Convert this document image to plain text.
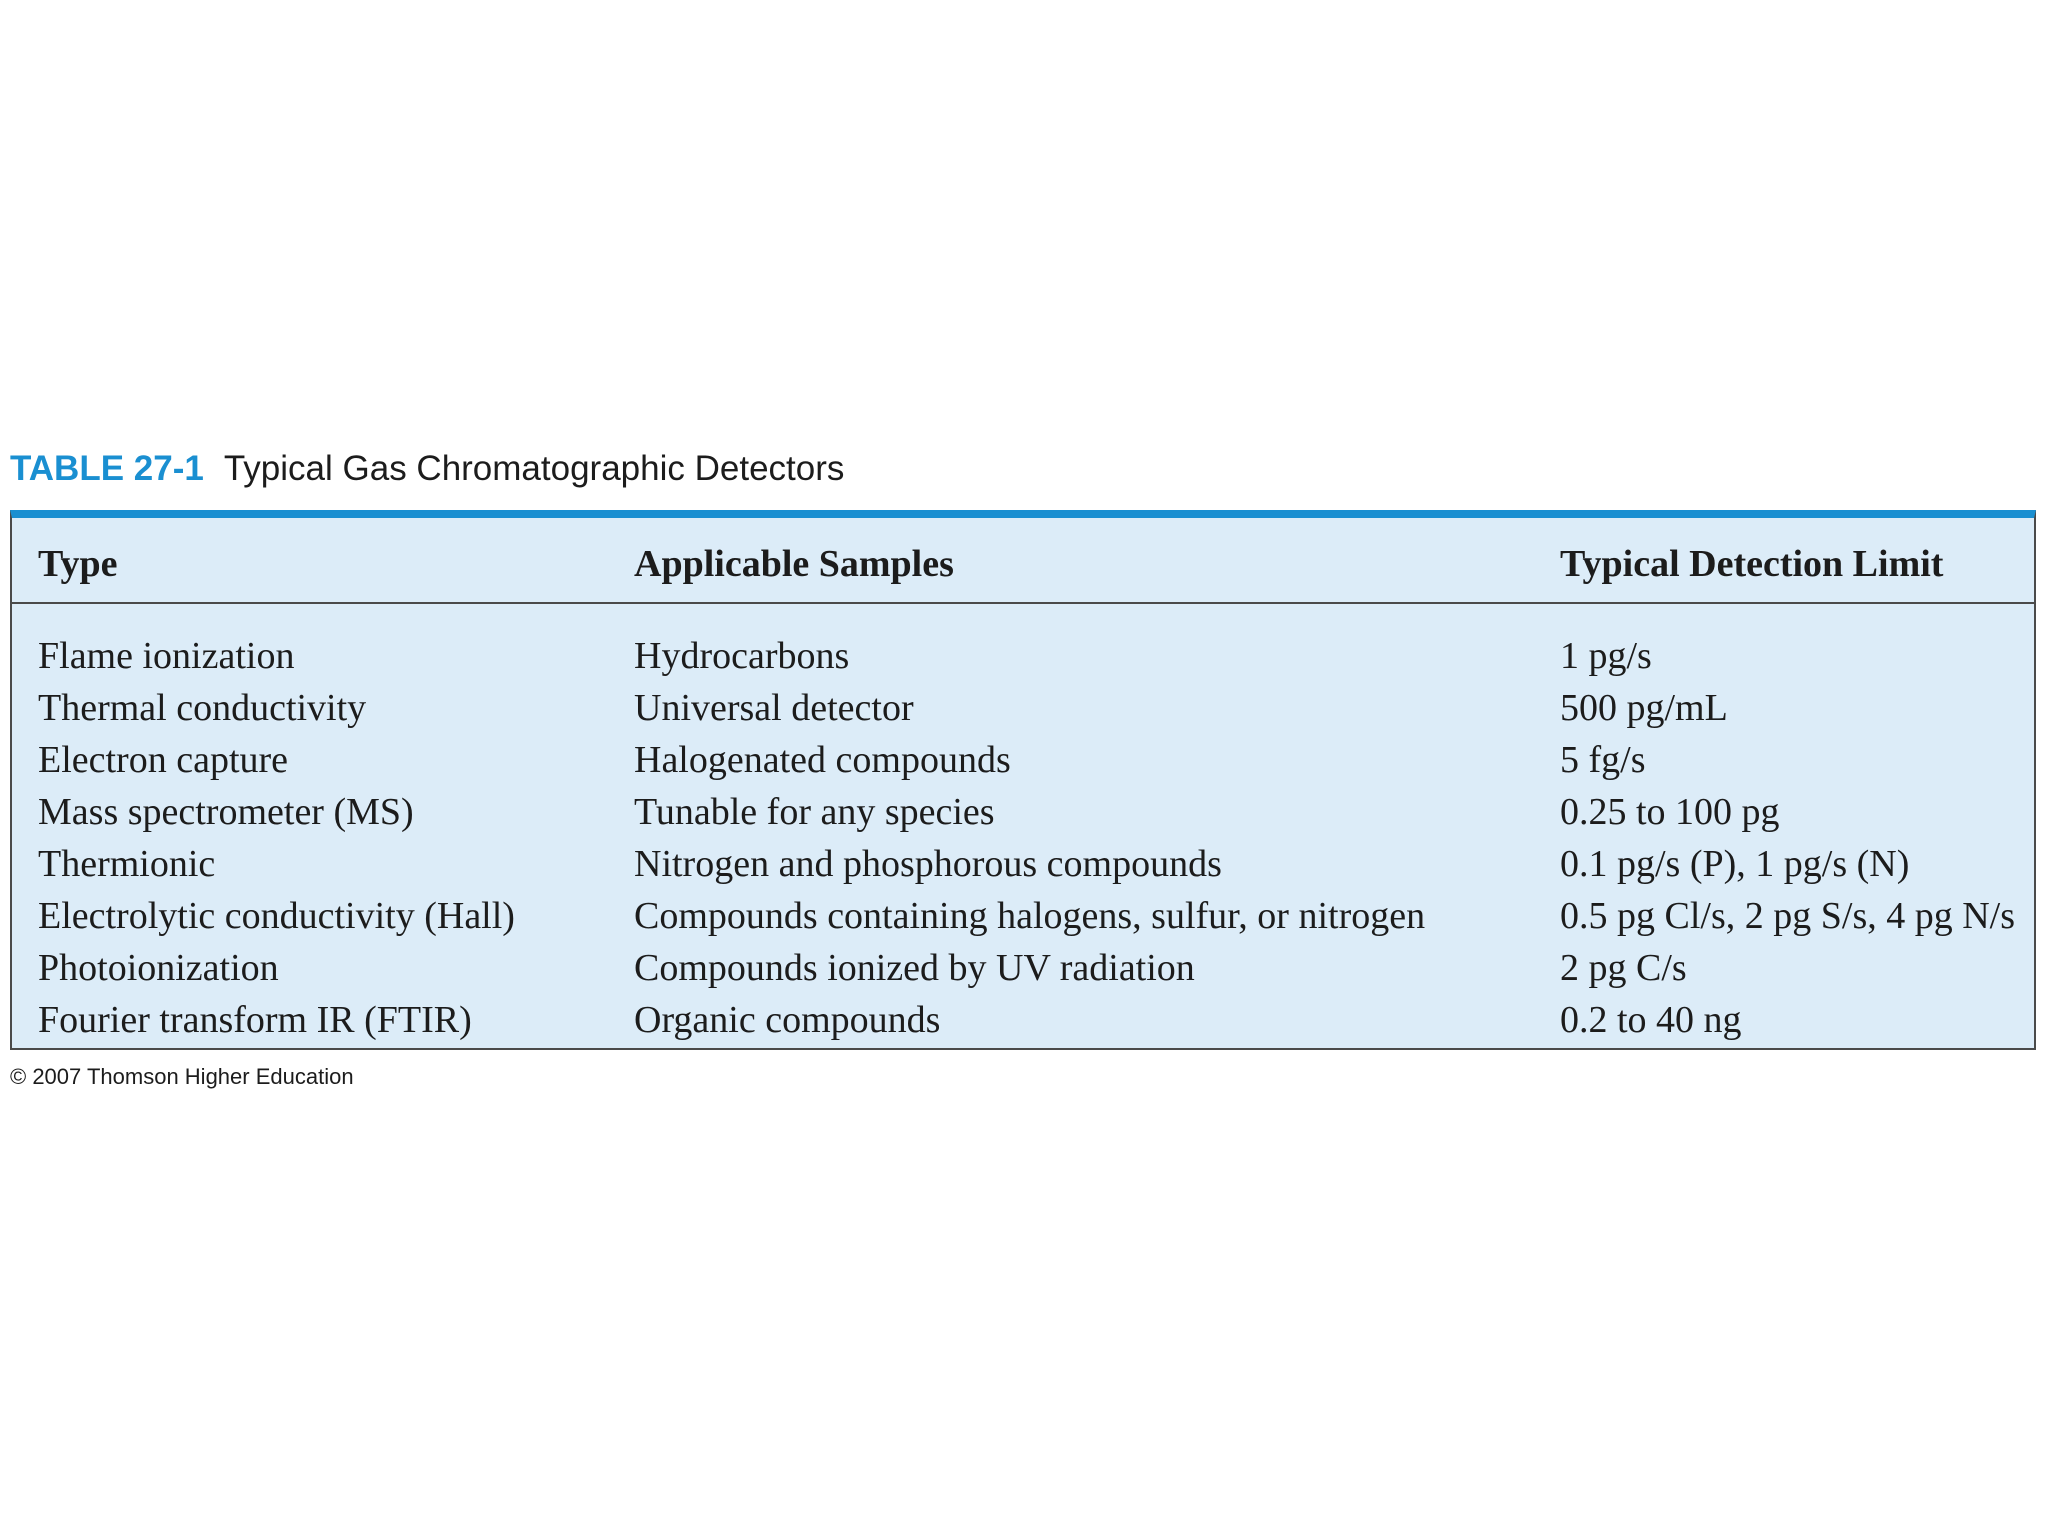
TABLE 27-1 Typical Gas Chromatographic Detectors
Type	Applicable Samples	Typical Detection Limit
Flame ionization	Hydrocarbons	1 pg/s
Thermal conductivity	Universal detector	500 pg/mL
Electron capture	Halogenated compounds	5 fg/s
Mass spectrometer (MS)	Tunable for any species	0.25 to 100 pg
Thermionic	Nitrogen and phosphorous compounds	0.1 pg/s (P), 1 pg/s (N)
Electrolytic conductivity (Hall)	Compounds containing halogens, sulfur, or nitrogen	0.5 pg Cl/s, 2 pg S/s, 4 pg N/s
Photoionization	Compounds ionized by UV radiation	2 pg C/s
Fourier transform IR (FTIR)	Organic compounds	0.2 to 40 ng
© 2007 Thomson Higher Education
